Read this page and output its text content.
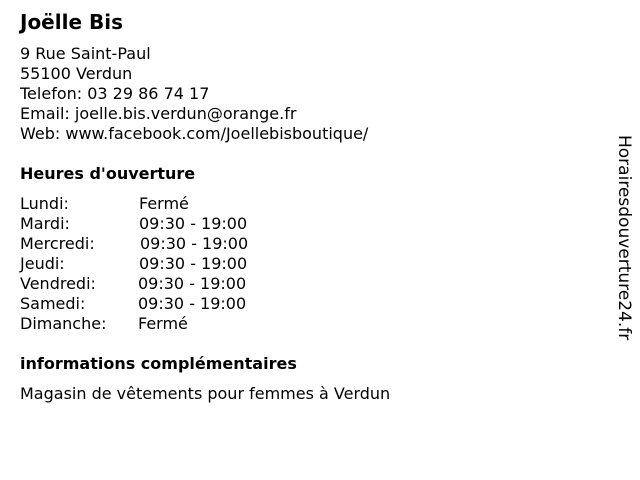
Joëlle Bis
9 Rue Saint-Paul
55100 Verdun
Telefon: 03 29 86 74 17
Email: joelle.bis.verdun@orange.fr
Web: www.facebook.com/Joellebisboutique/
Heures d'ouverture
Lundi:	Fermé
Mardi:	09:30 - 19:00
Mercredi:	09:30 - 19:00
Jeudi:	09:30 - 19:00
Vendredi:	09:30 - 19:00
Samedi:	09:30 - 19:00
Dimanche: Fermé
informations complémentaires
Magasin de vêtements pour femmes à Verdun
Horairesdouverture24.fr
